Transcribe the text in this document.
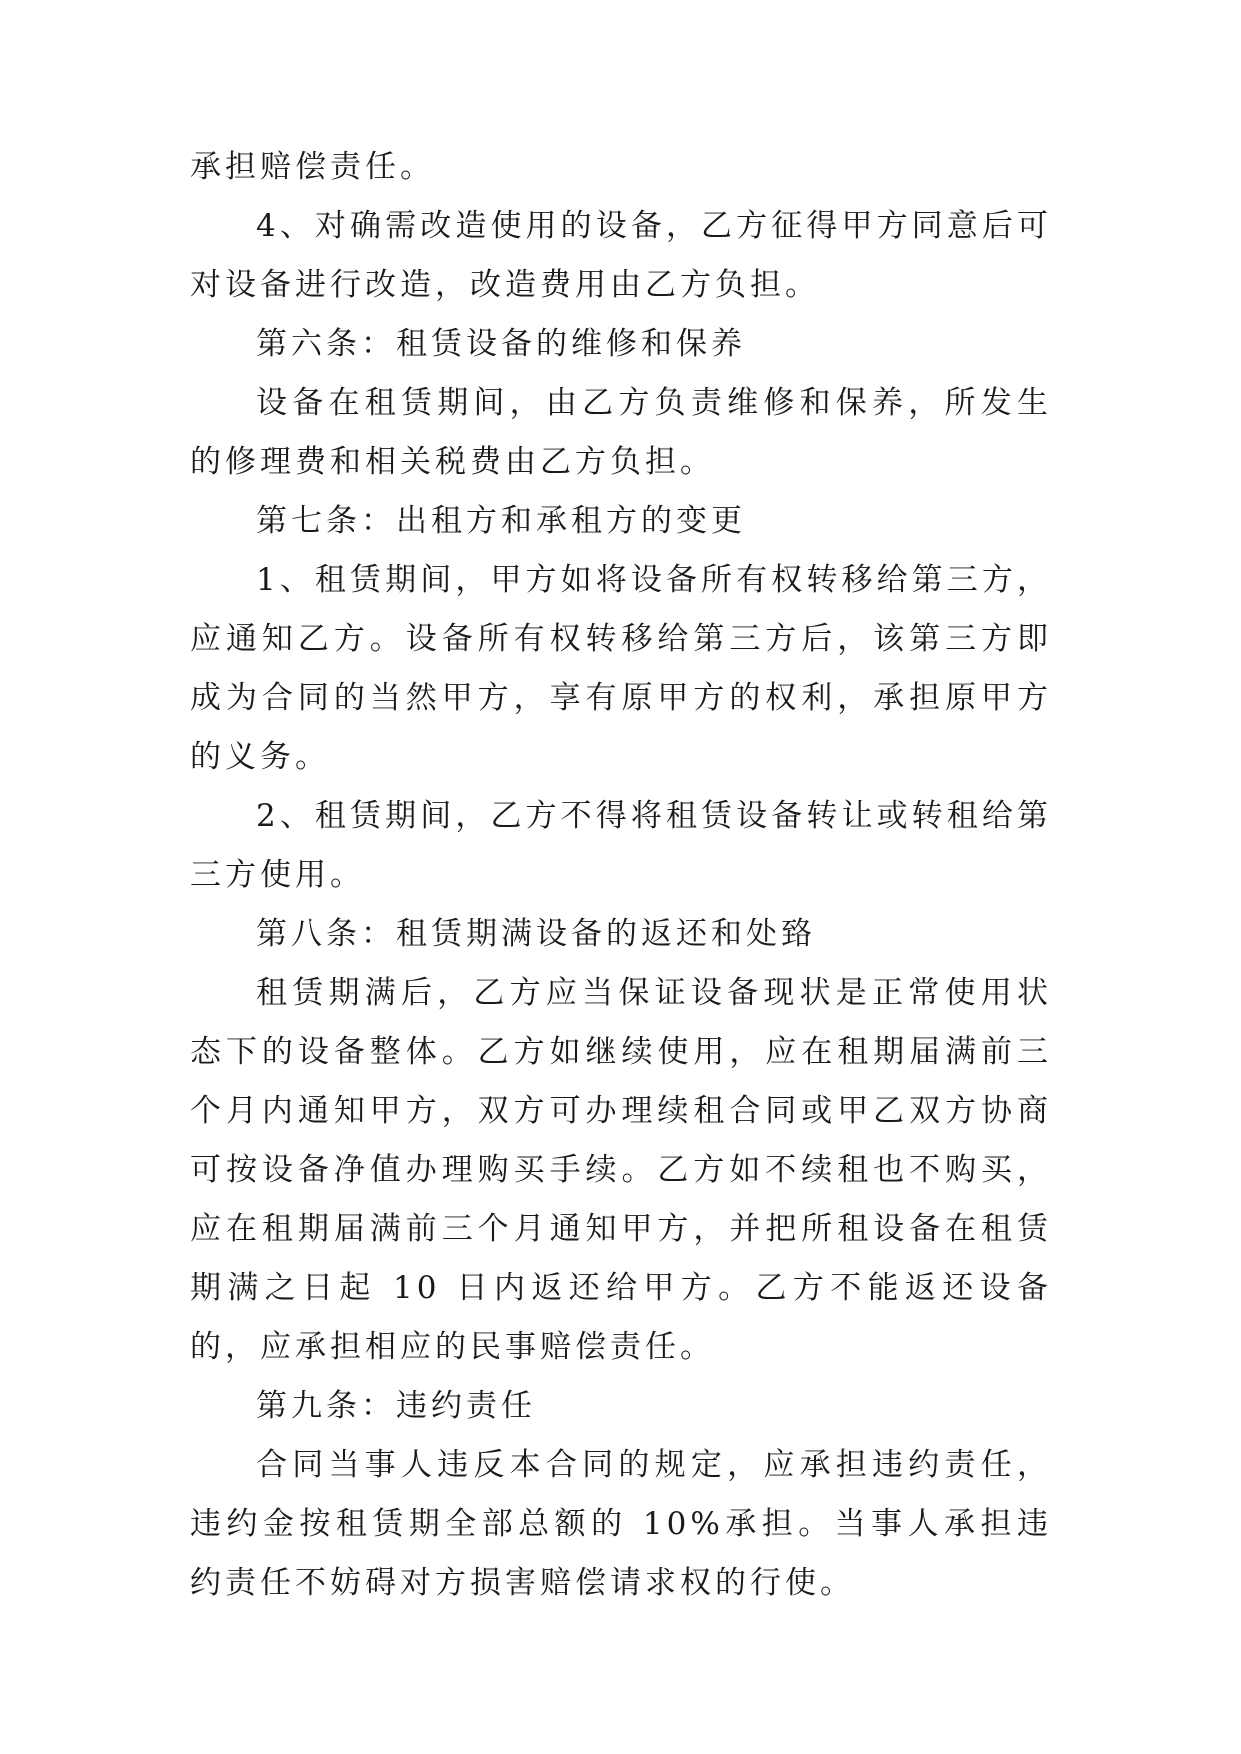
承担赔偿责任。

4、对确需改造使用的设备，乙方征得甲方同意后可对设备进行改造，改造费用由乙方负担。

第六条：租赁设备的维修和保养

设备在租赁期间，由乙方负责维修和保养，所发生的修理费和相关税费由乙方负担。

第七条：出租方和承租方的变更

1、租赁期间，甲方如将设备所有权转移给第三方，应通知乙方。设备所有权转移给第三方后，该第三方即成为合同的当然甲方，享有原甲方的权利，承担原甲方的义务。

2、租赁期间，乙方不得将租赁设备转让或转租给第三方使用。

第八条：租赁期满设备的返还和处臵

租赁期满后，乙方应当保证设备现状是正常使用状态下的设备整体。乙方如继续使用，应在租期届满前三个月内通知甲方，双方可办理续租合同或甲乙双方协商可按设备净值办理购买手续。乙方如不续租也不购买，应在租期届满前三个月通知甲方，并把所租设备在租赁期满之日起 10 日内返还给甲方。乙方不能返还设备的，应承担相应的民事赔偿责任。

第九条：违约责任

合同当事人违反本合同的规定，应承担违约责任，违约金按租赁期全部总额的 10%承担。当事人承担违约责任不妨碍对方损害赔偿请求权的行使。
